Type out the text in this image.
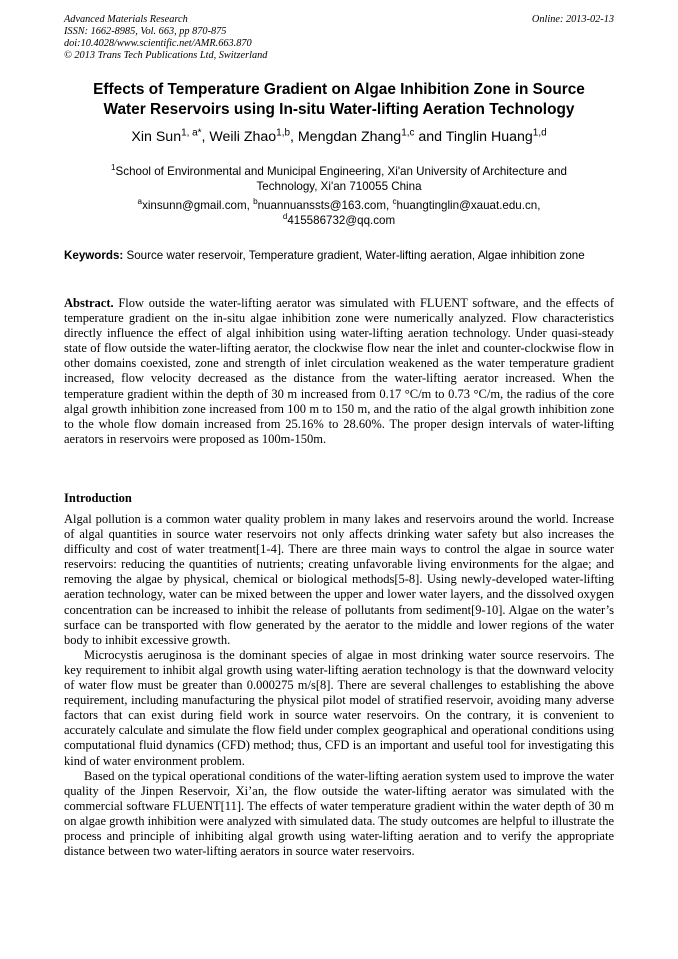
Advanced Materials Research
ISSN: 1662-8985, Vol. 663, pp 870-875
doi:10.4028/www.scientific.net/AMR.663.870
© 2013 Trans Tech Publications Ltd, Switzerland
Online: 2013-02-13
Effects of Temperature Gradient on Algae Inhibition Zone in Source
Water Reservoirs using In-situ Water-lifting Aeration Technology
Xin Sun$^{1, a*}$, Weili Zhao$^{1,b}$, Mengdan Zhang$^{1,c}$ and Tinglin Huang$^{1,d}$
$^1$School of Environmental and Municipal Engineering, Xi'an University of Architecture and
Technology, Xi'an 710055 China
$^a$xinsunn@gmail.com, $^b$nuannuanssts@163.com, $^c$huangtinglin@xauat.edu.cn,
$^d$415586732@qq.com
Keywords: Source water reservoir, Temperature gradient, Water-lifting aeration, Algae inhibition zone
Abstract. Flow outside the water-lifting aerator was simulated with FLUENT software, and the effects of temperature gradient on the in-situ algae inhibition zone were numerically analyzed. Flow characteristics directly influence the effect of algal inhibition using water-lifting aeration technology. Under quasi-steady state of flow outside the water-lifting aerator, the clockwise flow near the inlet and counter-clockwise flow in other domains coexisted, zone and strength of inlet circulation weakened as the water temperature gradient increased, flow velocity decreased as the distance from the water-lifting aerator increased. When the temperature gradient within the depth of 30 m increased from 0.17 °C/m to 0.73 °C/m, the radius of the core algal growth inhibition zone increased from 100 m to 150 m, and the ratio of the algal growth inhibition zone to the whole flow domain increased from 25.16% to 28.60%. The proper design intervals of water-lifting aerators in reservoirs were proposed as 100m-150m.
Introduction

Algal pollution is a common water quality problem in many lakes and reservoirs around the world. Increase of algal quantities in source water reservoirs not only affects drinking water safety but also increases the difficulty and cost of water treatment[1-4]. There are three main ways to control the algae in source water reservoirs: reducing the quantities of nutrients; creating unfavorable living environments for the algae; and removing the algae by physical, chemical or biological methods[5-8]. Using newly-developed water-lifting aeration technology, water can be mixed between the upper and lower water layers, and the dissolved oxygen concentration can be increased to inhibit the release of pollutants from sediment[9-10]. Algae on the water’s surface can be transported with flow generated by the aerator to the middle and lower regions of the water body to inhibit excessive growth.

Microcystis aeruginosa is the dominant species of algae in most drinking water source reservoirs. The key requirement to inhibit algal growth using water-lifting aeration technology is that the downward velocity of water flow must be greater than 0.000275 m/s[8]. There are several challenges to establishing the above requirement, including manufacturing the physical pilot model of stratified reservoir, avoiding many adverse factors that can exist during field work in source water reservoirs. On the contrary, it is convenient to accurately calculate and simulate the flow field under complex geographical and operational conditions using computational fluid dynamics (CFD) method; thus, CFD is an important and useful tool for investigating this kind of water environment problem.

Based on the typical operational conditions of the water-lifting aeration system used to improve the water quality of the Jinpen Reservoir, Xi’an, the flow outside the water-lifting aerator was simulated with the commercial software FLUENT[11]. The effects of water temperature gradient within the water depth of 30 m on algae growth inhibition were analyzed with simulated data. The study outcomes are helpful to illustrate the process and principle of inhibiting algal growth using water-lifting aeration and to verify the appropriate distance between two water-lifting aerators in source water reservoirs.
